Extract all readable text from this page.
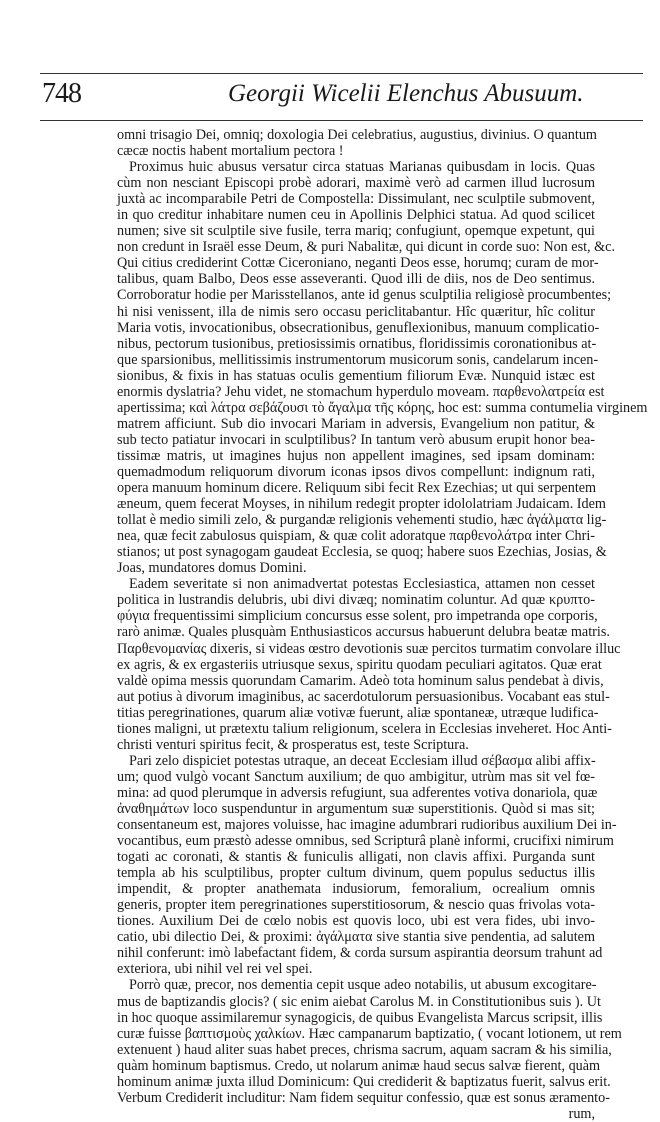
748	Georgii Wicelii Elenchus Abusuum.
omni trisagio Dei, omniq; doxologia Dei celebratius, augustius, divinius. O quantum
cæcæ noctis habent mortalium pectora !
Proximus huic abusus versatur circa statuas Marianas quibusdam in locis. Quas
cùm non nesciant Episcopi probè adorari, maximè verò ad carmen illud lucrosum
juxtà ac incomparabile Petri de Compostella: Dissimulant, nec sculptile submovent,
in quo creditur inhabitare numen ceu in Apollinis Delphici statua. Ad quod scilicet
numen; sive sit sculptile sive fusile, terra mariq; confugiunt, opemque expetunt, qui
non credunt in Israël esse Deum, & puri Nabalitæ, qui dicunt in corde suo: Non est, &c.
Qui citius crediderint Cottæ Ciceroniano, neganti Deos esse, horumq; curam de mor-
talibus, quam Balbo, Deos esse asseveranti. Quod illi de diis, nos de Deo sentimus.
Corroboratur hodie per Marisstellanos, ante id genus sculptilia religiosè procumbentes;
hi nisi venissent, illa de nimis sero occasu periclitabantur. Hîc quæritur, hîc colitur
Maria votis, invocationibus, obsecrationibus, genuflexionibus, manuum complicatio-
nibus, pectorum tusionibus, pretiosissimis ornatibus, floridissimis coronationibus at-
que sparsionibus, mellitissimis instrumentorum musicorum sonis, candelarum incen-
sionibus, & fixis in has statuas oculis gementium filiorum Evæ. Nunquid istæc est
enormis dyslatria? Jehu videt, ne stomachum hyperdulo moveam. παρθενολατρεία est
apertissima; καὶ λάτρα σεβάζουσι τὸ ἄγαλμα τῆς κόρης, hoc est: summa contumelia virginem
matrem afficiunt. Sub dio invocari Mariam in adversis, Evangelium non patitur, &
sub tecto patiatur invocari in sculptilibus? In tantum verò abusum erupit honor bea-
tissimæ matris, ut imagines hujus non appellent imagines, sed ipsam dominam:
quemadmodum reliquorum divorum iconas ipsos divos compellunt: indignum rati,
opera manuum hominum dicere. Reliquum sibi fecit Rex Ezechias; ut qui serpentem
æneum, quem fecerat Moyses, in nihilum redegit propter idololatriam Judaicam. Idem
tollat è medio simili zelo, & purgandæ religionis vehementi studio, hæc ἀγάλματα lig-
nea, quæ fecit zabulosus quispiam, & quæ colit adoratque παρθενολάτρα inter Chri-
stianos; ut post synagogam gaudeat Ecclesia, se quoq; habere suos Ezechias, Josias, &
Joas, mundatores domus Domini.
Eadem severitate si non animadvertat potestas Ecclesiastica, attamen non cesset
politica in lustrandis delubris, ubi divi divæq; nominatim coluntur. Ad quæ κρυπτο-
φύγια frequentissimi simplicium concursus esse solent, pro impetranda ope corporis,
rarò animæ. Quales plusquàm Enthusiasticos accursus habuerunt delubra beatæ matris.
Παρθενομανίας dixeris, si videas œstro devotionis suæ percitos turmatim convolare illuc
ex agris, & ex ergasteriis utriusque sexus, spiritu quodam peculiari agitatos. Quæ erat
valdè opima messis quorundam Camarim. Adeò tota hominum salus pendebat à divis,
aut potius à divorum imaginibus, ac sacerdotulorum persuasionibus. Vocabant eas stul-
titias peregrinationes, quarum aliæ votivæ fuerunt, aliæ spontaneæ, utræque ludifica-
tiones maligni, ut prætextu talium religionum, scelera in Ecclesias inveheret. Hoc Anti-
christi venturi spiritus fecit, & prosperatus est, teste Scriptura.
Pari zelo dispiciet potestas utraque, an deceat Ecclesiam illud σέβασμα alibi affix-
um; quod vulgò vocant Sanctum auxilium; de quo ambigitur, utrùm mas sit vel fœ-
mina: ad quod plerumque in adversis refugiunt, sua adferentes votiva donariola, quæ
ἀναθημάτων loco suspenduntur in argumentum suæ superstitionis. Quòd si mas sit;
consentaneum est, majores voluisse, hac imagine adumbrari rudioribus auxilium Dei in-
vocantibus, eum præstò adesse omnibus, sed Scripturâ planè informi, crucifixi nimirum
togati ac coronati, & stantis & funiculis alligati, non clavis affixi. Purganda sunt
templa ab his sculptilibus, propter cultum divinum, quem populus seductus illis
impendit, & propter anathemata indusiorum, femoralium, ocrealium omnis
generis, propter item peregrinationes superstitiosorum, & nescio quas frivolas vota-
tiones. Auxilium Dei de cœlo nobis est quovis loco, ubi est vera fides, ubi invo-
catio, ubi dilectio Dei, & proximi: ἀγάλματα sive stantia sive pendentia, ad salutem
nihil conferunt: imò labefactant fidem, & corda sursum aspirantia deorsum trahunt ad
exteriora, ubi nihil vel rei vel spei.
Porrò quæ, precor, nos dementia cepit usque adeo notabilis, ut abusum excogitare-
mus de baptizandis glocis? ( sic enim aiebat Carolus M. in Constitutionibus suis ). Ut
in hoc quoque assimilaremur synagogicis, de quibus Evangelista Marcus scripsit, illis
curæ fuisse βαπτισμοὺς χαλκίων. Hæc campanarum baptizatio, ( vocant lotionem, ut rem
extenuent ) haud aliter suas habet preces, chrisma sacrum, aquam sacram & his similia,
quàm hominum baptismus. Credo, ut nolarum animæ haud secus salvæ fierent, quàm
hominum animæ juxta illud Dominicum: Qui crediderit & baptizatus fuerit, salvus erit.
Verbum Crediderit includitur: Nam fidem sequitur confessio, quæ est sonus æramento-
rum,
